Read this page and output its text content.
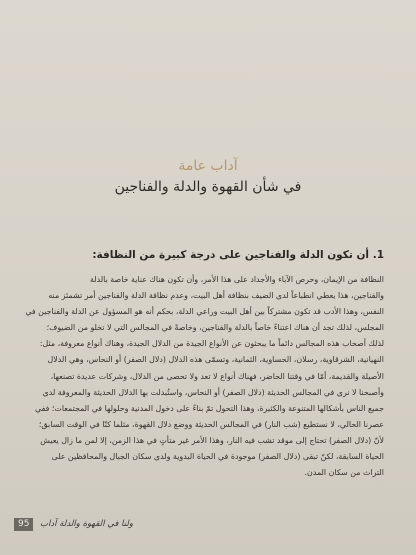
آداب عامة
في شأن القهوة والدلة والفناجين
1. أن تكون الدلة والفناجين على درجة كبيرة من النظافة:

النظافة من الإيمان، وحرص الآباء والأجداد على هذا الأمر، وأن تكون هناك عناية خاصة بالدلة
والفناجين، هذا يعطي انطباعاً لدى الضيف بنظافة أهل البيت، وعدم نظافة الدلة والفناجين أمر تشمئز منه
النفس، وهذا الأدب قد تكون مشتركاً بين أهل البيت وراعي الدلة، بحكم أنه هو المسؤول عن الدلة والفناجين في
المجلس، لذلك تجد أن هناك اعتناءً خاصاً بالدلة والفناجين، وخاصةً في المجالس التي لا تخلو من الضيوف؛
لذلك أصحاب هذه المجالس دائماً ما يبحثون عن الأنواع الجيدة من الدلال الجيدة، وهناك أنواع معروفة، مثل:
النهيانية، الشرقاوية، رسلان، الحساوية، الثمانية، وتسمّى هذه الدلال (دلال الصفر) أو النحاس، وهي الدلال
الأصيلة والقديمة، أمّا في وقتنا الحاضر، فهناك أنواع لا تعد ولا تحصى من الدلال، وشركات عديدة تصنعها،
وأصبحنا لا نرى في المجالس الحديثة (دلال الصفر) أو النحاس، واستُبدلت بها الدلال الحديثة والمعروفة لدى
جميع الناس بأشكالها المتنوعة والكثيرة، وهذا التحول تمّ بناءً على دخول المدنية وحلولها في المجتمعات؛ ففي
عصرنا الحالي، لا نستطيع (شب النار) في المجالس الحديثة ووضع دلال القهوة، مثلما كنّا في الوقت السابق؛
لأنّ (دلال الصفر) تحتاج إلى موقد تشب فيه النار، وهذا الأمر غير متأتٍ في هذا الزمن، إلا لمن ما زال يعيش
الحياة السابقة، لكنّ تبقى (دلال الصفر) موجودة في الحياة البدوية ولدى سكان الجبال والمحافظين على
التراث من سكان المدن.

95	ولنا في القهوة والدلة آداب
